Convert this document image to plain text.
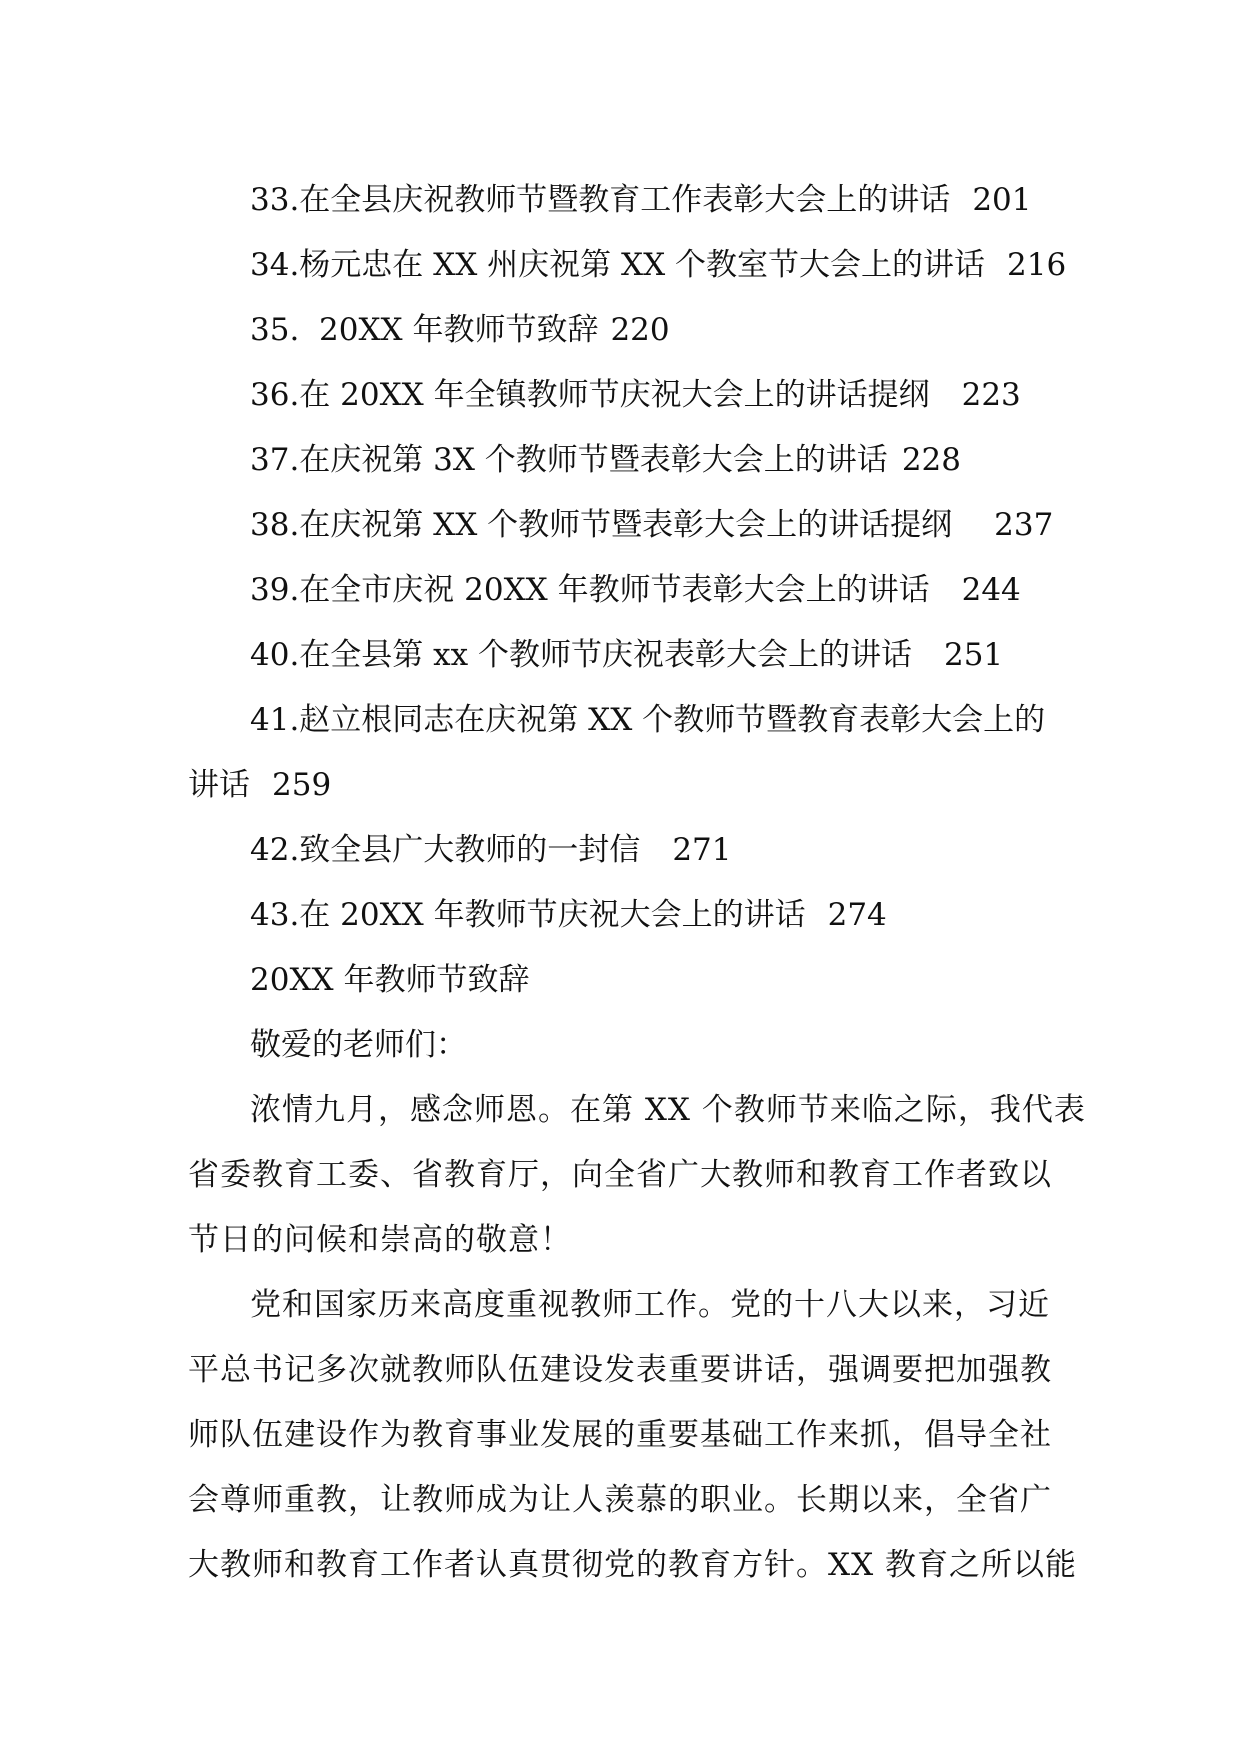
33.在全县庆祝教师节暨教育工作表彰大会上的讲话 201
34.杨元忠在 XX 州庆祝第 XX 个教室节大会上的讲话 216
35.  20XX 年教师节致辞 220
36.在 20XX 年全镇教师节庆祝大会上的讲话提纲 223
37.在庆祝第 3X 个教师节暨表彰大会上的讲话 228
38.在庆祝第 XX 个教师节暨表彰大会上的讲话提纲 237
39.在全市庆祝 20XX 年教师节表彰大会上的讲话 244
40.在全县第 xx 个教师节庆祝表彰大会上的讲话 251
41.赵立根同志在庆祝第 XX 个教师节暨教育表彰大会上的
讲话 259
42.致全县广大教师的一封信 271
43.在 20XX 年教师节庆祝大会上的讲话 274
20XX 年教师节致辞
敬爱的老师们：
浓情九月，感念师恩。在第 XX 个教师节来临之际，我代表
省委教育工委、省教育厅，向全省广大教师和教育工作者致以
节日的问候和崇高的敬意！
党和国家历来高度重视教师工作。党的十八大以来，习近
平总书记多次就教师队伍建设发表重要讲话，强调要把加强教
师队伍建设作为教育事业发展的重要基础工作来抓，倡导全社
会尊师重教，让教师成为让人羡慕的职业。长期以来，全省广
大教师和教育工作者认真贯彻党的教育方针。XX 教育之所以能
